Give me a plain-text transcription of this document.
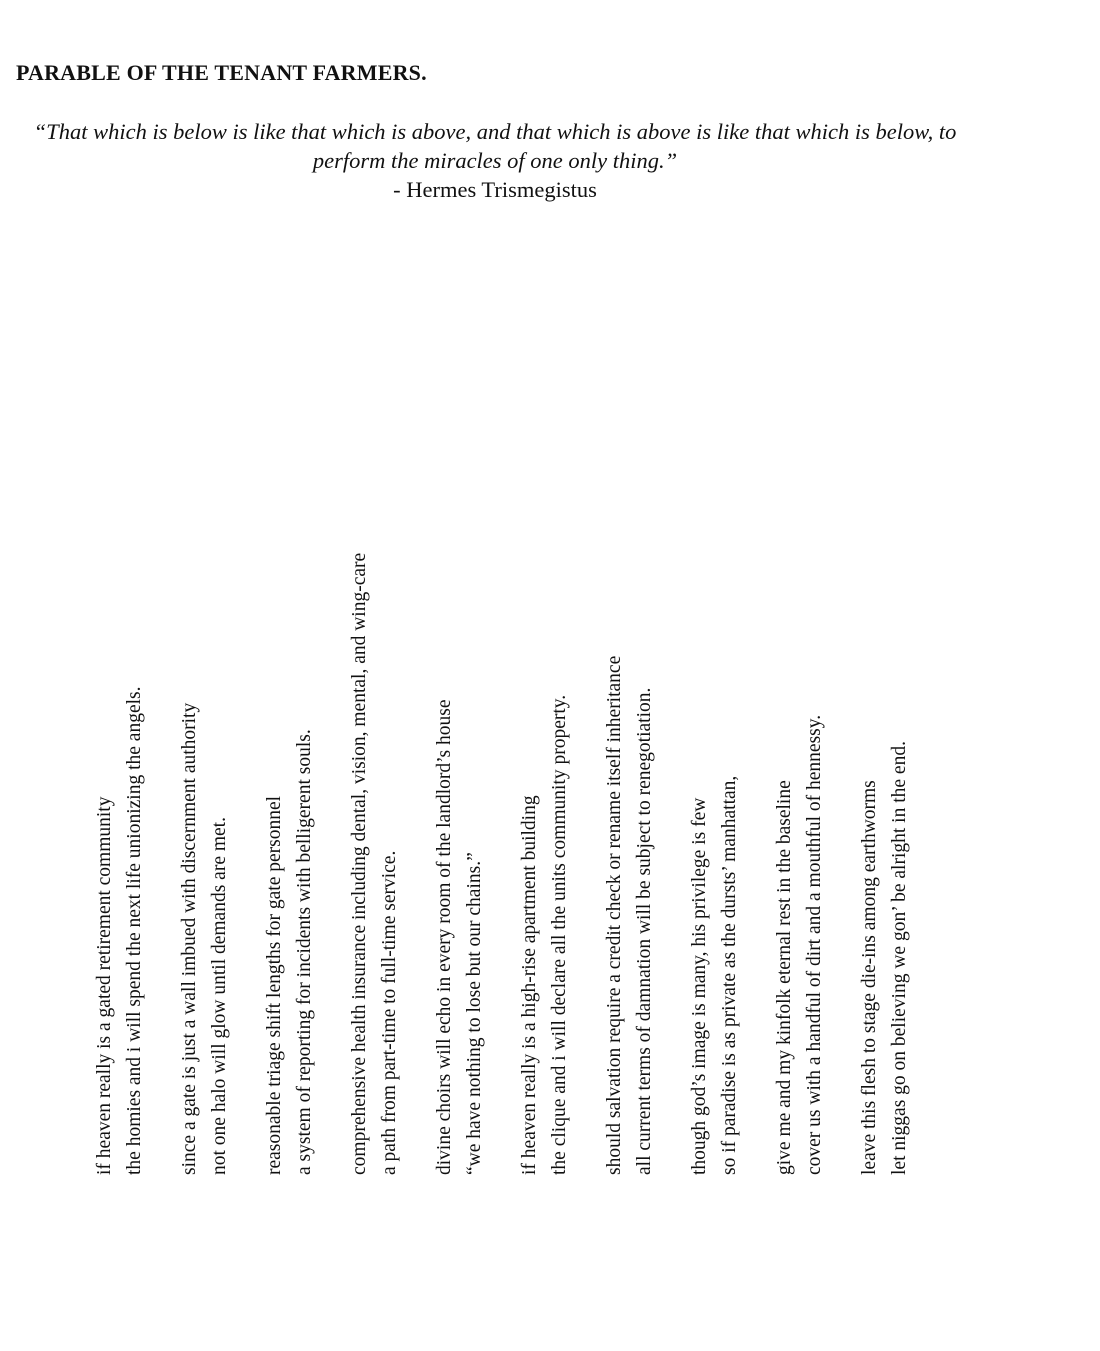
PARABLE OF THE TENANT FARMERS.
“That which is below is like that which is above, and that which is above is like that which is below, to perform the miracles of one only thing.”
- Hermes Trismegistus
if heaven really is a gated retirement community the homies and i will spend the next life unionizing the angels. since a gate is just a wall imbued with discernment authority not one halo will glow until demands are met. reasonable triage shift lengths for gate personnel a system of reporting for incidents with belligerent souls. comprehensive health insurance including dental, vision, mental, and wing-care a path from part-time to full-time service. divine choirs will echo in every room of the landlord’s house “we have nothing to lose but our chains.” if heaven really is a high-rise apartment building the clique and i will declare all the units community property. should salvation require a credit check or rename itself inheritance all current terms of damnation will be subject to renegotiation. though god’s image is many, his privilege is few so if paradise is as private as the dursts’ manhattan, give me and my kinfolk eternal rest in the baseline cover us with a handful of dirt and a mouthful of hennessy. leave this flesh to stage die-ins among earthworms let niggas go on believing we gon’ be alright in the end.
